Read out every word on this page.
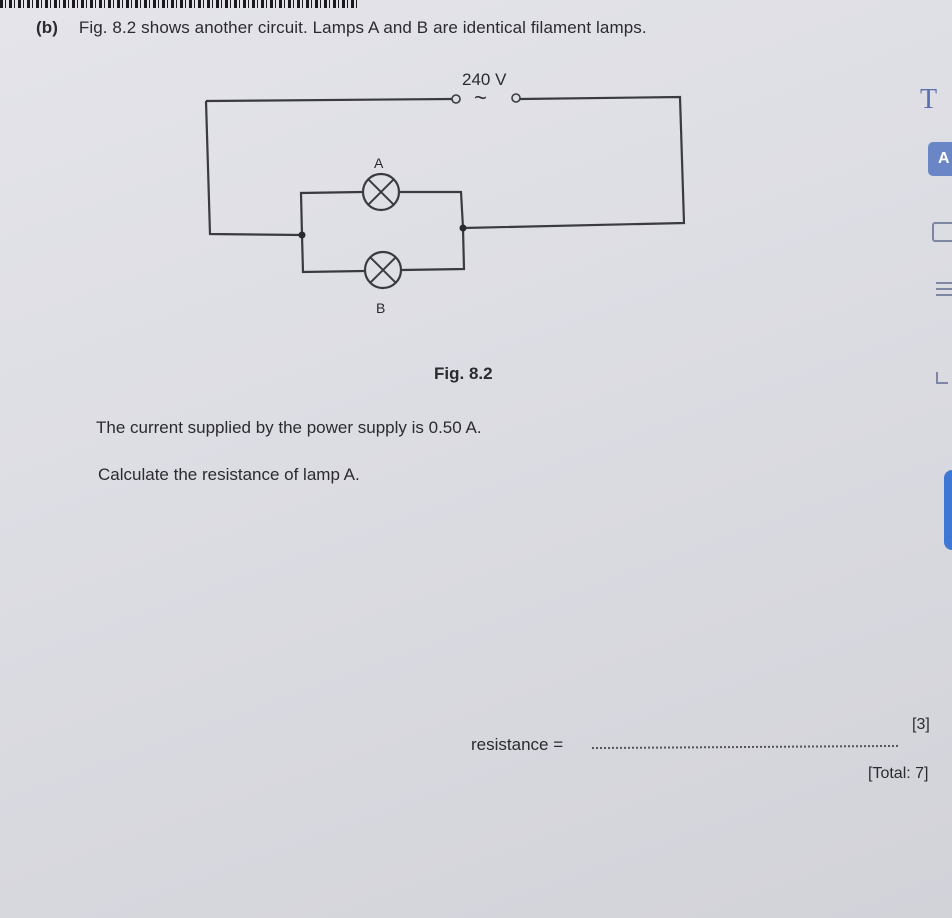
(b) Fig. 8.2 shows another circuit. Lamps A and B are identical filament lamps.
~
240 V
A
B
Fig. 8.2
The current supplied by the power supply is 0.50 A.
Calculate the resistance of lamp A.
resistance =
[3]
[Total: 7]
T
A
